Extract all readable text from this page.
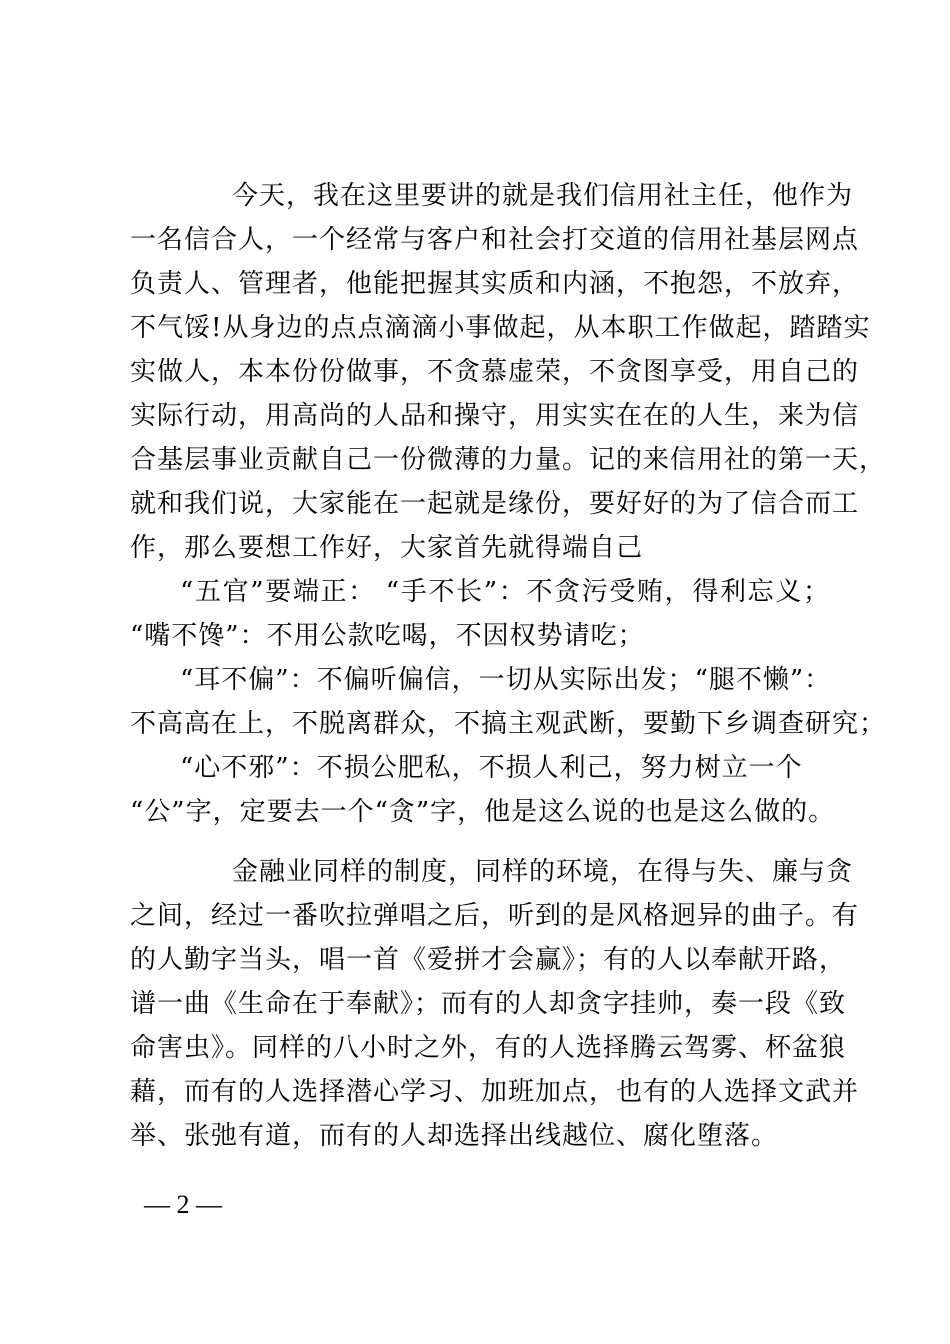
今天，我在这里要讲的就是我们信用社主任，他作为
一名信合人，一个经常与客户和社会打交道的信用社基层网点
负责人、管理者，他能把握其实质和内涵，不抱怨，不放弃，
不气馁!从身边的点点滴滴小事做起，从本职工作做起，踏踏实
实做人，本本份份做事，不贪慕虚荣，不贪图享受，用自己的
实际行动，用高尚的人品和操守，用实实在在的人生，来为信
合基层事业贡献自己一份微薄的力量。记的来信用社的第一天，
就和我们说，大家能在一起就是缘份，要好好的为了信合而工
作，那么要想工作好，大家首先就得端自己
“五官”要端正： “手不长”：不贪污受贿，得利忘义；
“嘴不馋”：不用公款吃喝，不因权势请吃；
“耳不偏”：不偏听偏信，一切从实际出发；“腿不懒”：
不高高在上，不脱离群众，不搞主观武断，要勤下乡调查研究；
“心不邪”：不损公肥私，不损人利己，努力树立一个
“公”字，定要去一个“贪”字，他是这么说的也是这么做的。
金融业同样的制度，同样的环境，在得与失、廉与贪
之间，经过一番吹拉弹唱之后，听到的是风格迥异的曲子。有
的人勤字当头，唱一首《爱拼才会赢》；有的人以奉献开路，
谱一曲《生命在于奉献》；而有的人却贪字挂帅，奏一段《致
命害虫》。同样的八小时之外，有的人选择腾云驾雾、杯盆狼
藉，而有的人选择潜心学习、加班加点，也有的人选择文武并
举、张弛有道，而有的人却选择出线越位、腐化堕落。
— 2 —
